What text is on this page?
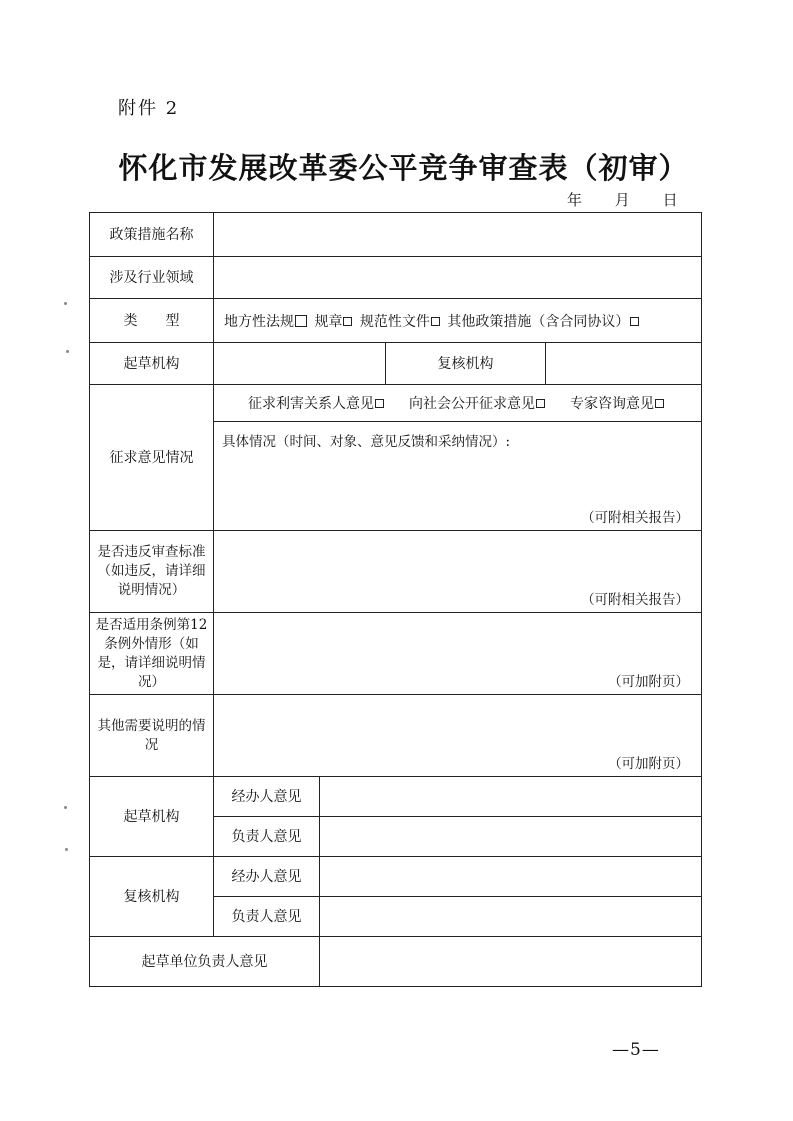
附件 2
怀化市发展改革委公平竞争审查表（初审）
年 月 日
政策措施名称				
涉及行业领域				
类　　型	地方性法规 规章 规范性文件 其他政策措施（含合同协议）			
起草机构			复核机构	
征求意见情况	征求利害关系人意见 向社会公开征求意见 专家咨询意见
具体情况（时间、对象、意见反馈和采纳情况）:
（可附相关报告）			

是否违反审查标准（如违反，请详细说明情况）	（可附相关报告）			

是否适用条例第12条例外情形（如是，请详细说明情况）	（可加附页）			

其他需要说明的情况	（可加附页）			

起草机构	经办人意见			
	负责人意见			
复核机构	经办人意见			
	负责人意见			
起草单位负责人意见				
—5—
